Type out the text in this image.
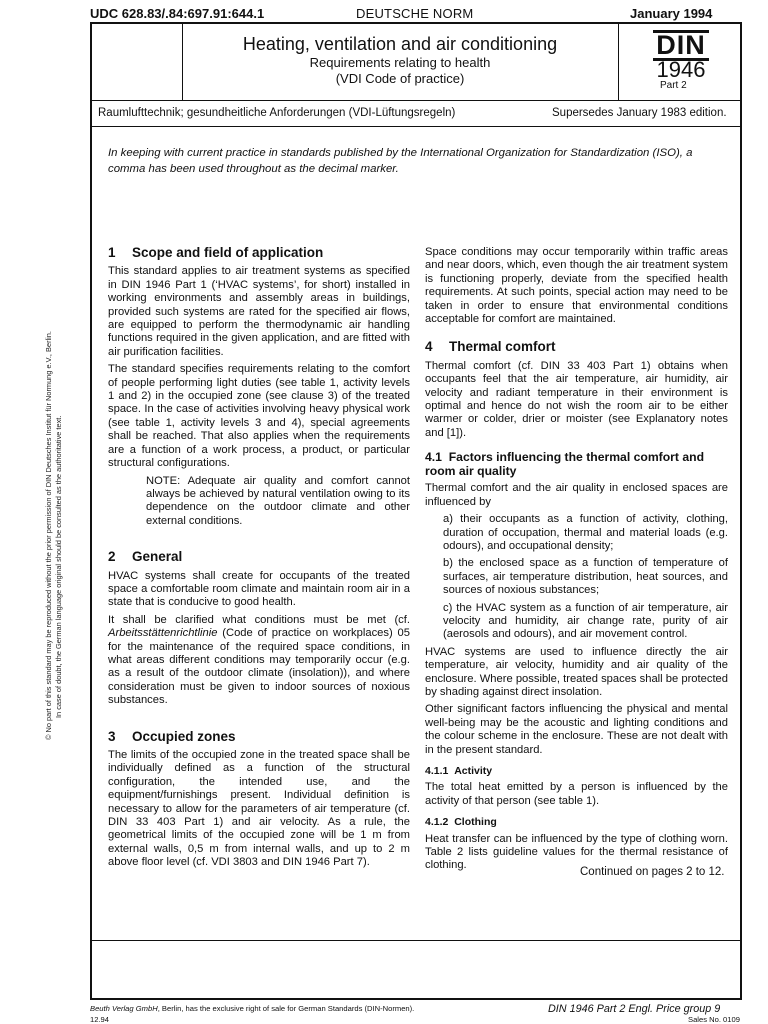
UDC 628.83/.84:697.91:644.1	DEUTSCHE NORM	January 1994
Heating, ventilation and air conditioning
Requirements relating to health
(VDI Code of practice)
DIN
1946
Part 2
Raumlufttechnik; gesundheitliche Anforderungen (VDI-Lüftungsregeln)	Supersedes January 1983 edition.
In keeping with current practice in standards published by the International Organization for Standardization (ISO), a comma has been used throughout as the decimal marker.
1 Scope and field of application

This standard applies to air treatment systems as specified in DIN 1946 Part 1 (‘HVAC systems’, for short) installed in working environments and assembly areas in buildings, provided such systems are rated for the specified air flows, are equipped to perform the thermodynamic air handling functions required in the given application, and are fitted with air purification facilities.

The standard specifies requirements relating to the comfort of people performing light duties (see table 1, activity levels 1 and 2) in the occupied zone (see clause 3) of the treated space. In the case of activities involving heavy physical work (see table 1, activity levels 3 and 4), special agreements shall be reached. That also applies when the requirements are a function of a work process, a product, or particular structural configurations.

NOTE: Adequate air quality and comfort cannot always be achieved by natural ventilation owing to its dependence on the outdoor climate and other external conditions.

2 General

HVAC systems shall create for occupants of the treated space a comfortable room climate and maintain room air in a state that is conducive to good health.

It shall be clarified what conditions must be met (cf. Arbeitsstättenrichtlinie (Code of practice on workplaces) 05 for the maintenance of the required space conditions, in what areas different conditions may temporarily occur (e.g. as a result of the outdoor climate (insolation)), and where consideration must be given to indoor sources of noxious substances.

3 Occupied zones

The limits of the occupied zone in the treated space shall be individually defined as a function of the structural configuration, the intended use, and the equipment/furnishings present. Individual definition is necessary to allow for the parameters of air temperature (cf. DIN 33 403 Part 1) and air velocity. As a rule, the geometrical limits of the occupied zone will be 1 m from external walls, 0,5 m from internal walls, and up to 2 m above floor level (cf. VDI 3803 and DIN 1946 Part 7).

Space conditions may occur temporarily within traffic areas and near doors, which, even though the air treatment system is functioning properly, deviate from the specified health requirements. At such points, special action may need to be taken in order to ensure that environmental conditions acceptable for comfort are maintained.

4 Thermal comfort

Thermal comfort (cf. DIN 33 403 Part 1) obtains when occupants feel that the air temperature, air humidity, air velocity and radiant temperature in their environment is optimal and hence do not wish the room air to be either warmer or colder, drier or moister (see Explanatory notes and [1]).

4.1 Factors influencing the thermal comfort and room air quality

Thermal comfort and the air quality in enclosed spaces are influenced by

a) their occupants as a function of activity, clothing, duration of occupation, thermal and material loads (e.g. odours), and occupational density;

b) the enclosed space as a function of temperature of surfaces, air temperature distribution, heat sources, and sources of noxious substances;

c) the HVAC system as a function of air temperature, air velocity and humidity, air change rate, purity of air (aerosols and odours), and air movement control.

HVAC systems are used to influence directly the air temperature, air velocity, humidity and air quality of the enclosure. Where possible, treated spaces shall be protected by shading against direct insolation.

Other significant factors influencing the physical and mental well-being may be the acoustic and lighting conditions and the colour scheme in the enclosure. These are not dealt with in the present standard.

4.1.1 Activity

The total heat emitted by a person is influenced by the activity of that person (see table 1).

4.1.2 Clothing

Heat transfer can be influenced by the type of clothing worn. Table 2 lists guideline values for the thermal resistance of clothing.

Continued on pages 2 to 12.
© No part of this standard may be reproduced without the prior permission of DIN Deutsches Institut für Normung e.V., Berlin. In case of doubt, the German language original should be consulted as the authoritative text.
Beuth Verlag GmbH, Berlin, has the exclusive right of sale for German Standards (DIN-Normen).
12.94
DIN 1946 Part 2 Engl. Price group 9
Sales No. 0109
